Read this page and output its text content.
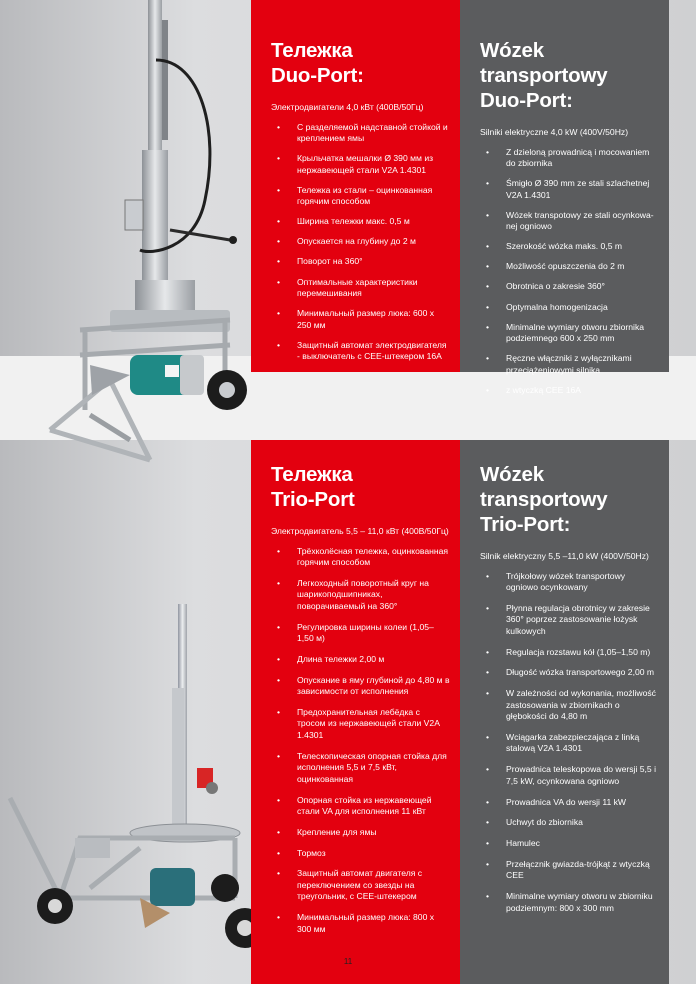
Тележка
Duo-Port:
Электродвигатели 4,0 кВт (400В/50Гц)
• С разделяемой надставной стойкой и креплением ямы
• Крыльчатка мешалки Ø 390 мм из нержавеющей стали V2A 1.4301
• Тележка из стали – оцинкованная горячим способом
• Ширина тележки макс. 0,5 м
• Опускается на глубину до 2 м
• Поворот на 360°
• Оптимальные характеристики перемешивания
• Минимальный размер люка: 600 x 250 мм
• Защитный автомат электродвигателя - выключатель с CEE-штекером 16А
Wózek transportowy
Duo-Port:
Silniki elektryczne 4,0 kW (400V/50Hz)
• Z dzieloną prowadnicą i mocowaniem do zbiornika
• Śmigło Ø 390 mm ze stali szlachetnej V2A 1.4301
• Wózek transpotowy ze stali ocynkowanej ogniowo
• Szerokość wózka maks. 0,5 m
• Możliwość opuszczenia do 2 m
• Obrotnica o zakresie 360°
• Optymalna homogenizacja
• Minimalne wymiary otworu zbiornika podziemnego 600 x 250 mm
• Ręczne włączniki z wyłącznikami przeciążeniowymi silnika
• z wtyczką CEE 16A
Тележка
Trio-Port
Электродвигатель 5,5 – 11,0 кВт (400В/50Гц)
• Трёхколёсная тележка, оцинкованная горячим способом
• Легкоходный поворотный круг на шарикоподшипниках, поворачиваемый на 360°
• Регулировка ширины колеи (1,05–1,50 м)
• Длина тележки 2,00 м
• Опускание в яму глубиной до 4,80 м в зависимости от исполнения
• Предохранительная лебёдка с тросом из нержавеющей стали V2A 1.4301
• Телескопическая опорная стойка для исполнения 5,5 и 7,5 кВт, оцинкованная
• Опорная стойка из нержавеющей стали VA для исполнения 11 кВт
• Крепление для ямы
• Тормоз
• Защитный автомат двигателя с переключением со звезды на треугольник, с CEE-штекером
• Минимальный размер люка: 800 x 300 мм
Wózek transportowy
Trio-Port:
Silnik elektryczny 5,5 –11,0 kW (400V/50Hz)
• Trójkołowy wózek transportowy ogniowo ocynkowany
• Płynna regulacja obrotnicy w zakresie 360° poprzez zastosowanie łożysk kulkowych
• Regulacja rozstawu kół (1,05–1,50 m)
• Długość wózka transportowego 2,00 m
• W zależności od wykonania, możliwość zastosowania w zbiornikach o głębokości do 4,80 m
• Wciągarka zabezpieczająca z linką stalową V2A 1.4301
• Prowadnica teleskopowa do wersji 5,5 i 7,5 kW, ocynkowana ogniowo
• Prowadnica VA do wersji 11 kW
• Uchwyt do zbiornika
• Hamulec
• Przełącznik gwiazda-trójkąt z wtyczką CEE
• Minimalne wymiary otworu w zbiorniku podziemnym: 800 x 300 mm
11
